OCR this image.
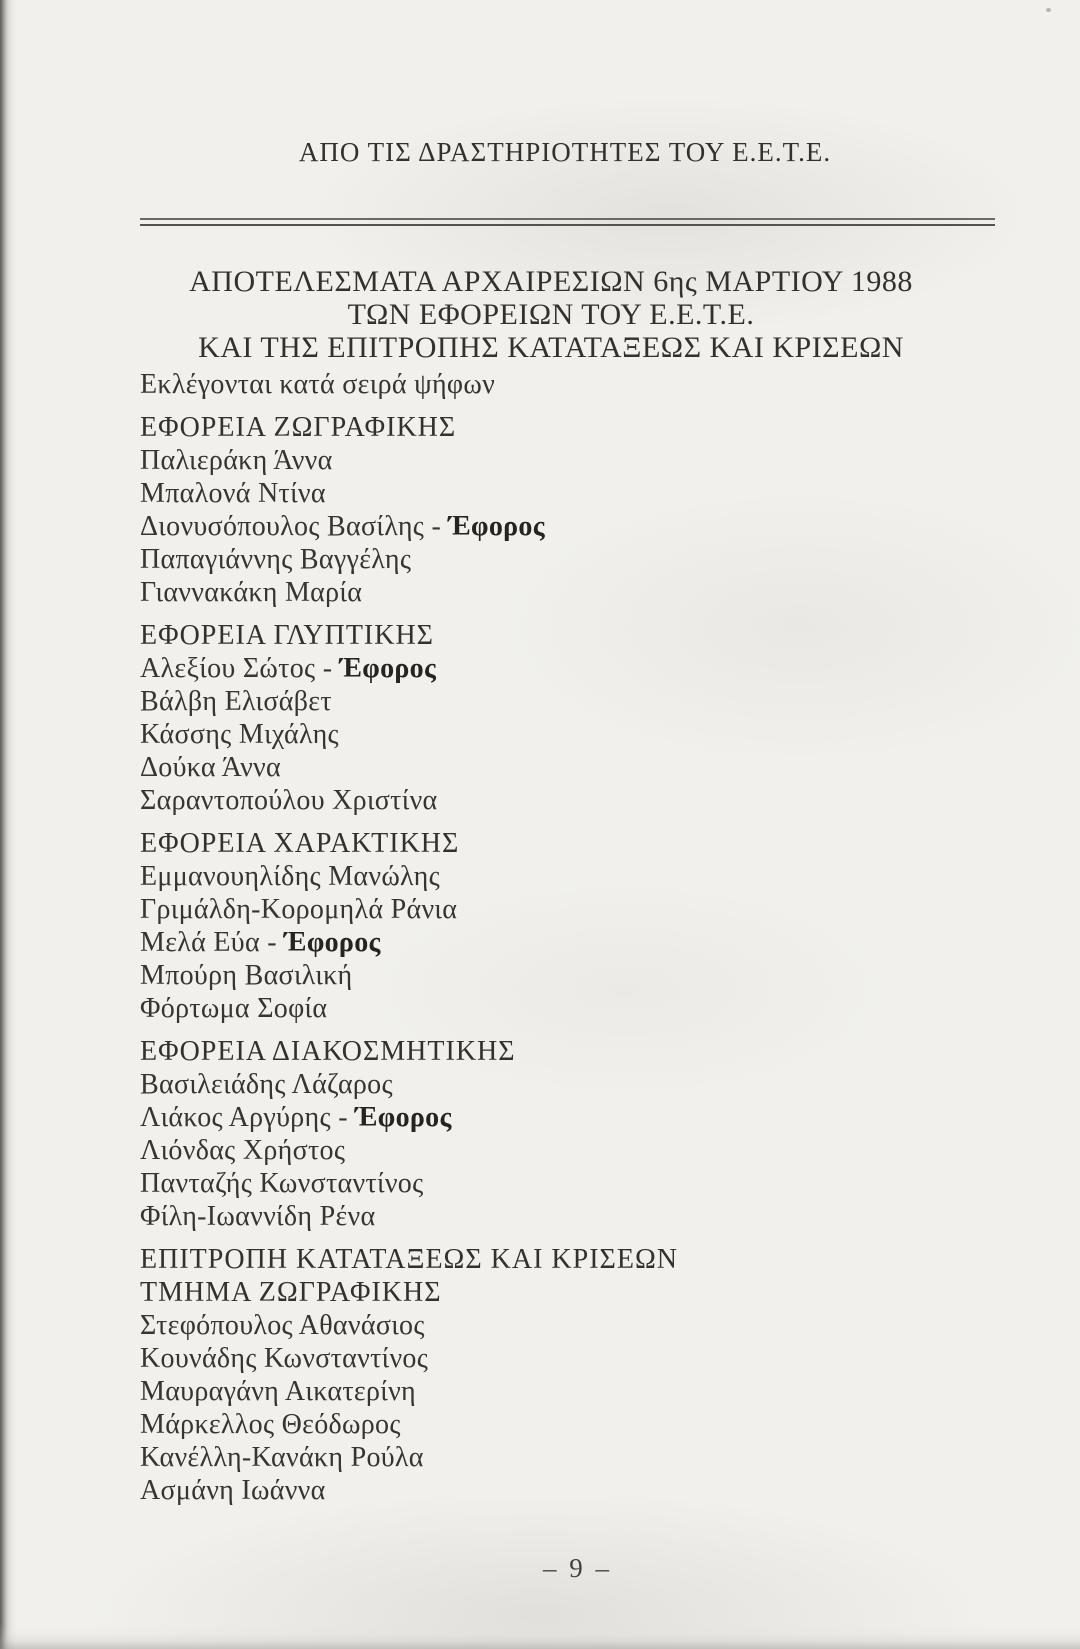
ΑΠΟ ΤΙΣ ΔΡΑΣΤΗΡΙΟΤΗΤΕΣ ΤΟΥ Ε.Ε.Τ.Ε.
ΑΠΟΤΕΛΕΣΜΑΤΑ ΑΡΧΑΙΡΕΣΙΩΝ 6ης ΜΑΡΤΙΟΥ 1988
ΤΩΝ ΕΦΟΡΕΙΩΝ ΤΟΥ Ε.Ε.Τ.Ε.
ΚΑΙ ΤΗΣ ΕΠΙΤΡΟΠΗΣ ΚΑΤΑΤΑΞΕΩΣ ΚΑΙ ΚΡΙΣΕΩΝ

Εκλέγονται κατά σειρά ψήφων

ΕΦΟΡΕΙΑ ΖΩΓΡΑΦΙΚΗΣ
Παλιεράκη Άννα
Μπαλονά Ντίνα
Διονυσόπουλος Βασίλης - Έφορος
Παπαγιάννης Βαγγέλης
Γιαννακάκη Μαρία
ΕΦΟΡΕΙΑ ΓΛΥΠΤΙΚΗΣ
Αλεξίου Σώτος - Έφορος
Βάλβη Ελισάβετ
Κάσσης Μιχάλης
Δούκα Άννα
Σαραντοπούλου Χριστίνα
ΕΦΟΡΕΙΑ ΧΑΡΑΚΤΙΚΗΣ
Εμμανουηλίδης Μανώλης
Γριμάλδη-Κορομηλά Ράνια
Μελά Εύα - Έφορος
Μπούρη Βασιλική
Φόρτωμα Σοφία
ΕΦΟΡΕΙΑ ΔΙΑΚΟΣΜΗΤΙΚΗΣ
Βασιλειάδης Λάζαρος
Λιάκος Αργύρης - Έφορος
Λιόνδας Χρήστος
Πανταζής Κωνσταντίνος
Φίλη-Ιωαννίδη Ρένα
ΕΠΙΤΡΟΠΗ ΚΑΤΑΤΑΞΕΩΣ ΚΑΙ ΚΡΙΣΕΩΝ
ΤΜΗΜΑ ΖΩΓΡΑΦΙΚΗΣ
Στεφόπουλος Αθανάσιος
Κουνάδης Κωνσταντίνος
Μαυραγάνη Αικατερίνη
Μάρκελλος Θεόδωρος
Κανέλλη-Κανάκη Ρούλα
Ασμάνη Ιωάννα
– 9 –
